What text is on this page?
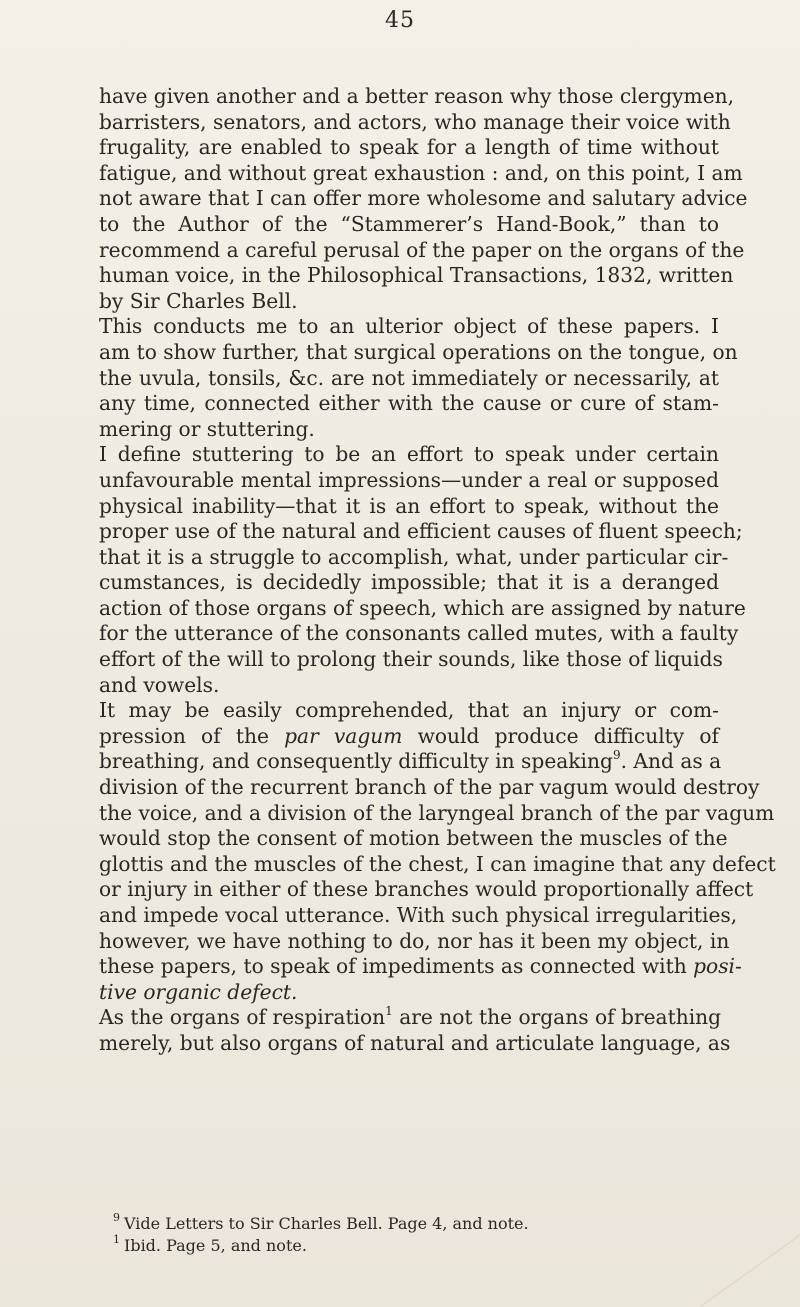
45
have given another and a better reason why those clergymen,
barristers, senators, and actors, who manage their voice with
frugality, are enabled to speak for a length of time without
fatigue, and without great exhaustion : and, on this point, I am
not aware that I can offer more wholesome and salutary advice
to the Author of the “Stammerer’s Hand-Book,” than to
recommend a careful perusal of the paper on the organs of the
human voice, in the Philosophical Transactions, 1832, written
by Sir Charles Bell.
This conducts me to an ulterior object of these papers. I
am to show further, that surgical operations on the tongue, on
the uvula, tonsils, &c. are not immediately or necessarily, at
any time, connected either with the cause or cure of stam-
mering or stuttering.
I define stuttering to be an effort to speak under certain
unfavourable mental impressions—under a real or supposed
physical inability—that it is an effort to speak, without the
proper use of the natural and efficient causes of fluent speech;
that it is a struggle to accomplish, what, under particular cir-
cumstances, is decidedly impossible; that it is a deranged
action of those organs of speech, which are assigned by nature
for the utterance of the consonants called mutes, with a faulty
effort of the will to prolong their sounds, like those of liquids
and vowels.
It may be easily comprehended, that an injury or com-
pression of the par vagum would produce difficulty of
breathing, and consequently difficulty in speaking$^9$. And as a
division of the recurrent branch of the par vagum would destroy
the voice, and a division of the laryngeal branch of the par vagum
would stop the consent of motion between the muscles of the
glottis and the muscles of the chest, I can imagine that any defect
or injury in either of these branches would proportionally affect
and impede vocal utterance. With such physical irregularities,
however, we have nothing to do, nor has it been my object, in
these papers, to speak of impediments as connected with posi-
tive organic defect.
As the organs of respiration$^1$ are not the organs of breathing
merely, but also organs of natural and articulate language, as
$^9$ Vide Letters to Sir Charles Bell. Page 4, and note.
$^1$ Ibid. Page 5, and note.
